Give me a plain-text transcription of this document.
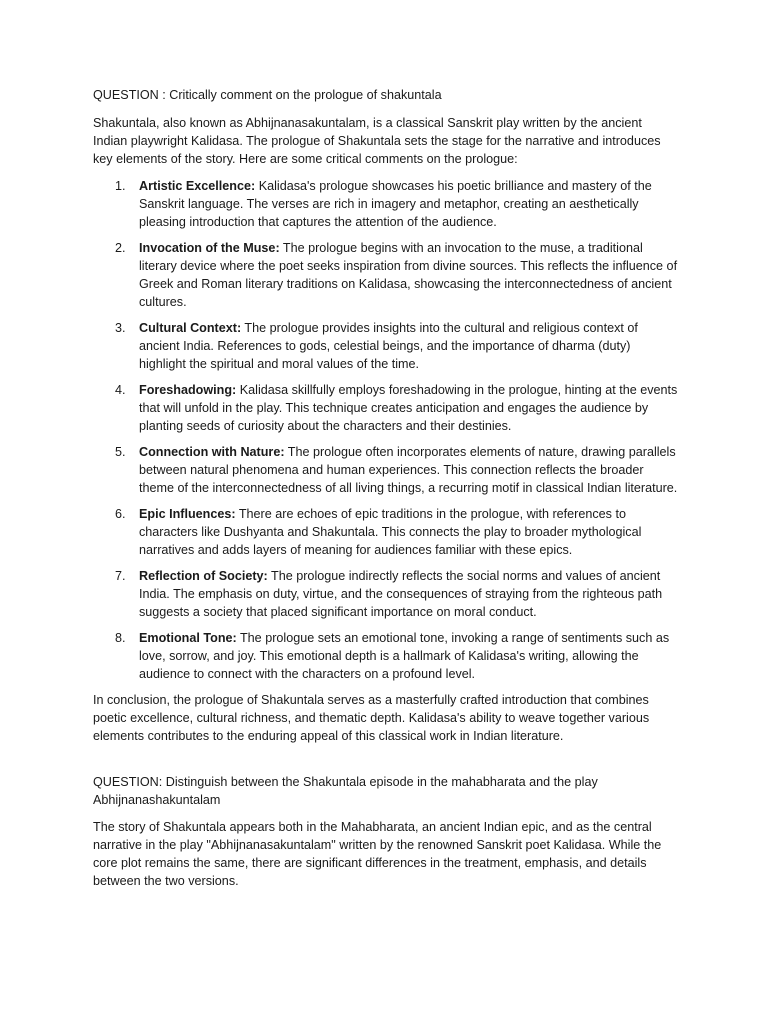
QUESTION : Critically comment on the prologue of shakuntala

Shakuntala, also known as Abhijnanasakuntalam, is a classical Sanskrit play written by the ancient Indian playwright Kalidasa. The prologue of Shakuntala sets the stage for the narrative and introduces key elements of the story. Here are some critical comments on the prologue:

1. Artistic Excellence: Kalidasa's prologue showcases his poetic brilliance and mastery of the Sanskrit language. The verses are rich in imagery and metaphor, creating an aesthetically pleasing introduction that captures the attention of the audience.
2. Invocation of the Muse: The prologue begins with an invocation to the muse, a traditional literary device where the poet seeks inspiration from divine sources. This reflects the influence of Greek and Roman literary traditions on Kalidasa, showcasing the interconnectedness of ancient cultures.
3. Cultural Context: The prologue provides insights into the cultural and religious context of ancient India. References to gods, celestial beings, and the importance of dharma (duty) highlight the spiritual and moral values of the time.
4. Foreshadowing: Kalidasa skillfully employs foreshadowing in the prologue, hinting at the events that will unfold in the play. This technique creates anticipation and engages the audience by planting seeds of curiosity about the characters and their destinies.
5. Connection with Nature: The prologue often incorporates elements of nature, drawing parallels between natural phenomena and human experiences. This connection reflects the broader theme of the interconnectedness of all living things, a recurring motif in classical Indian literature.
6. Epic Influences: There are echoes of epic traditions in the prologue, with references to characters like Dushyanta and Shakuntala. This connects the play to broader mythological narratives and adds layers of meaning for audiences familiar with these epics.
7. Reflection of Society: The prologue indirectly reflects the social norms and values of ancient India. The emphasis on duty, virtue, and the consequences of straying from the righteous path suggests a society that placed significant importance on moral conduct.
8. Emotional Tone: The prologue sets an emotional tone, invoking a range of sentiments such as love, sorrow, and joy. This emotional depth is a hallmark of Kalidasa's writing, allowing the audience to connect with the characters on a profound level.

In conclusion, the prologue of Shakuntala serves as a masterfully crafted introduction that combines poetic excellence, cultural richness, and thematic depth. Kalidasa's ability to weave together various elements contributes to the enduring appeal of this classical work in Indian literature.

QUESTION: Distinguish between the Shakuntala episode in the mahabharata and the play Abhijnanashakuntalam

The story of Shakuntala appears both in the Mahabharata, an ancient Indian epic, and as the central narrative in the play "Abhijnanasakuntalam" written by the renowned Sanskrit poet Kalidasa. While the core plot remains the same, there are significant differences in the treatment, emphasis, and details between the two versions.
